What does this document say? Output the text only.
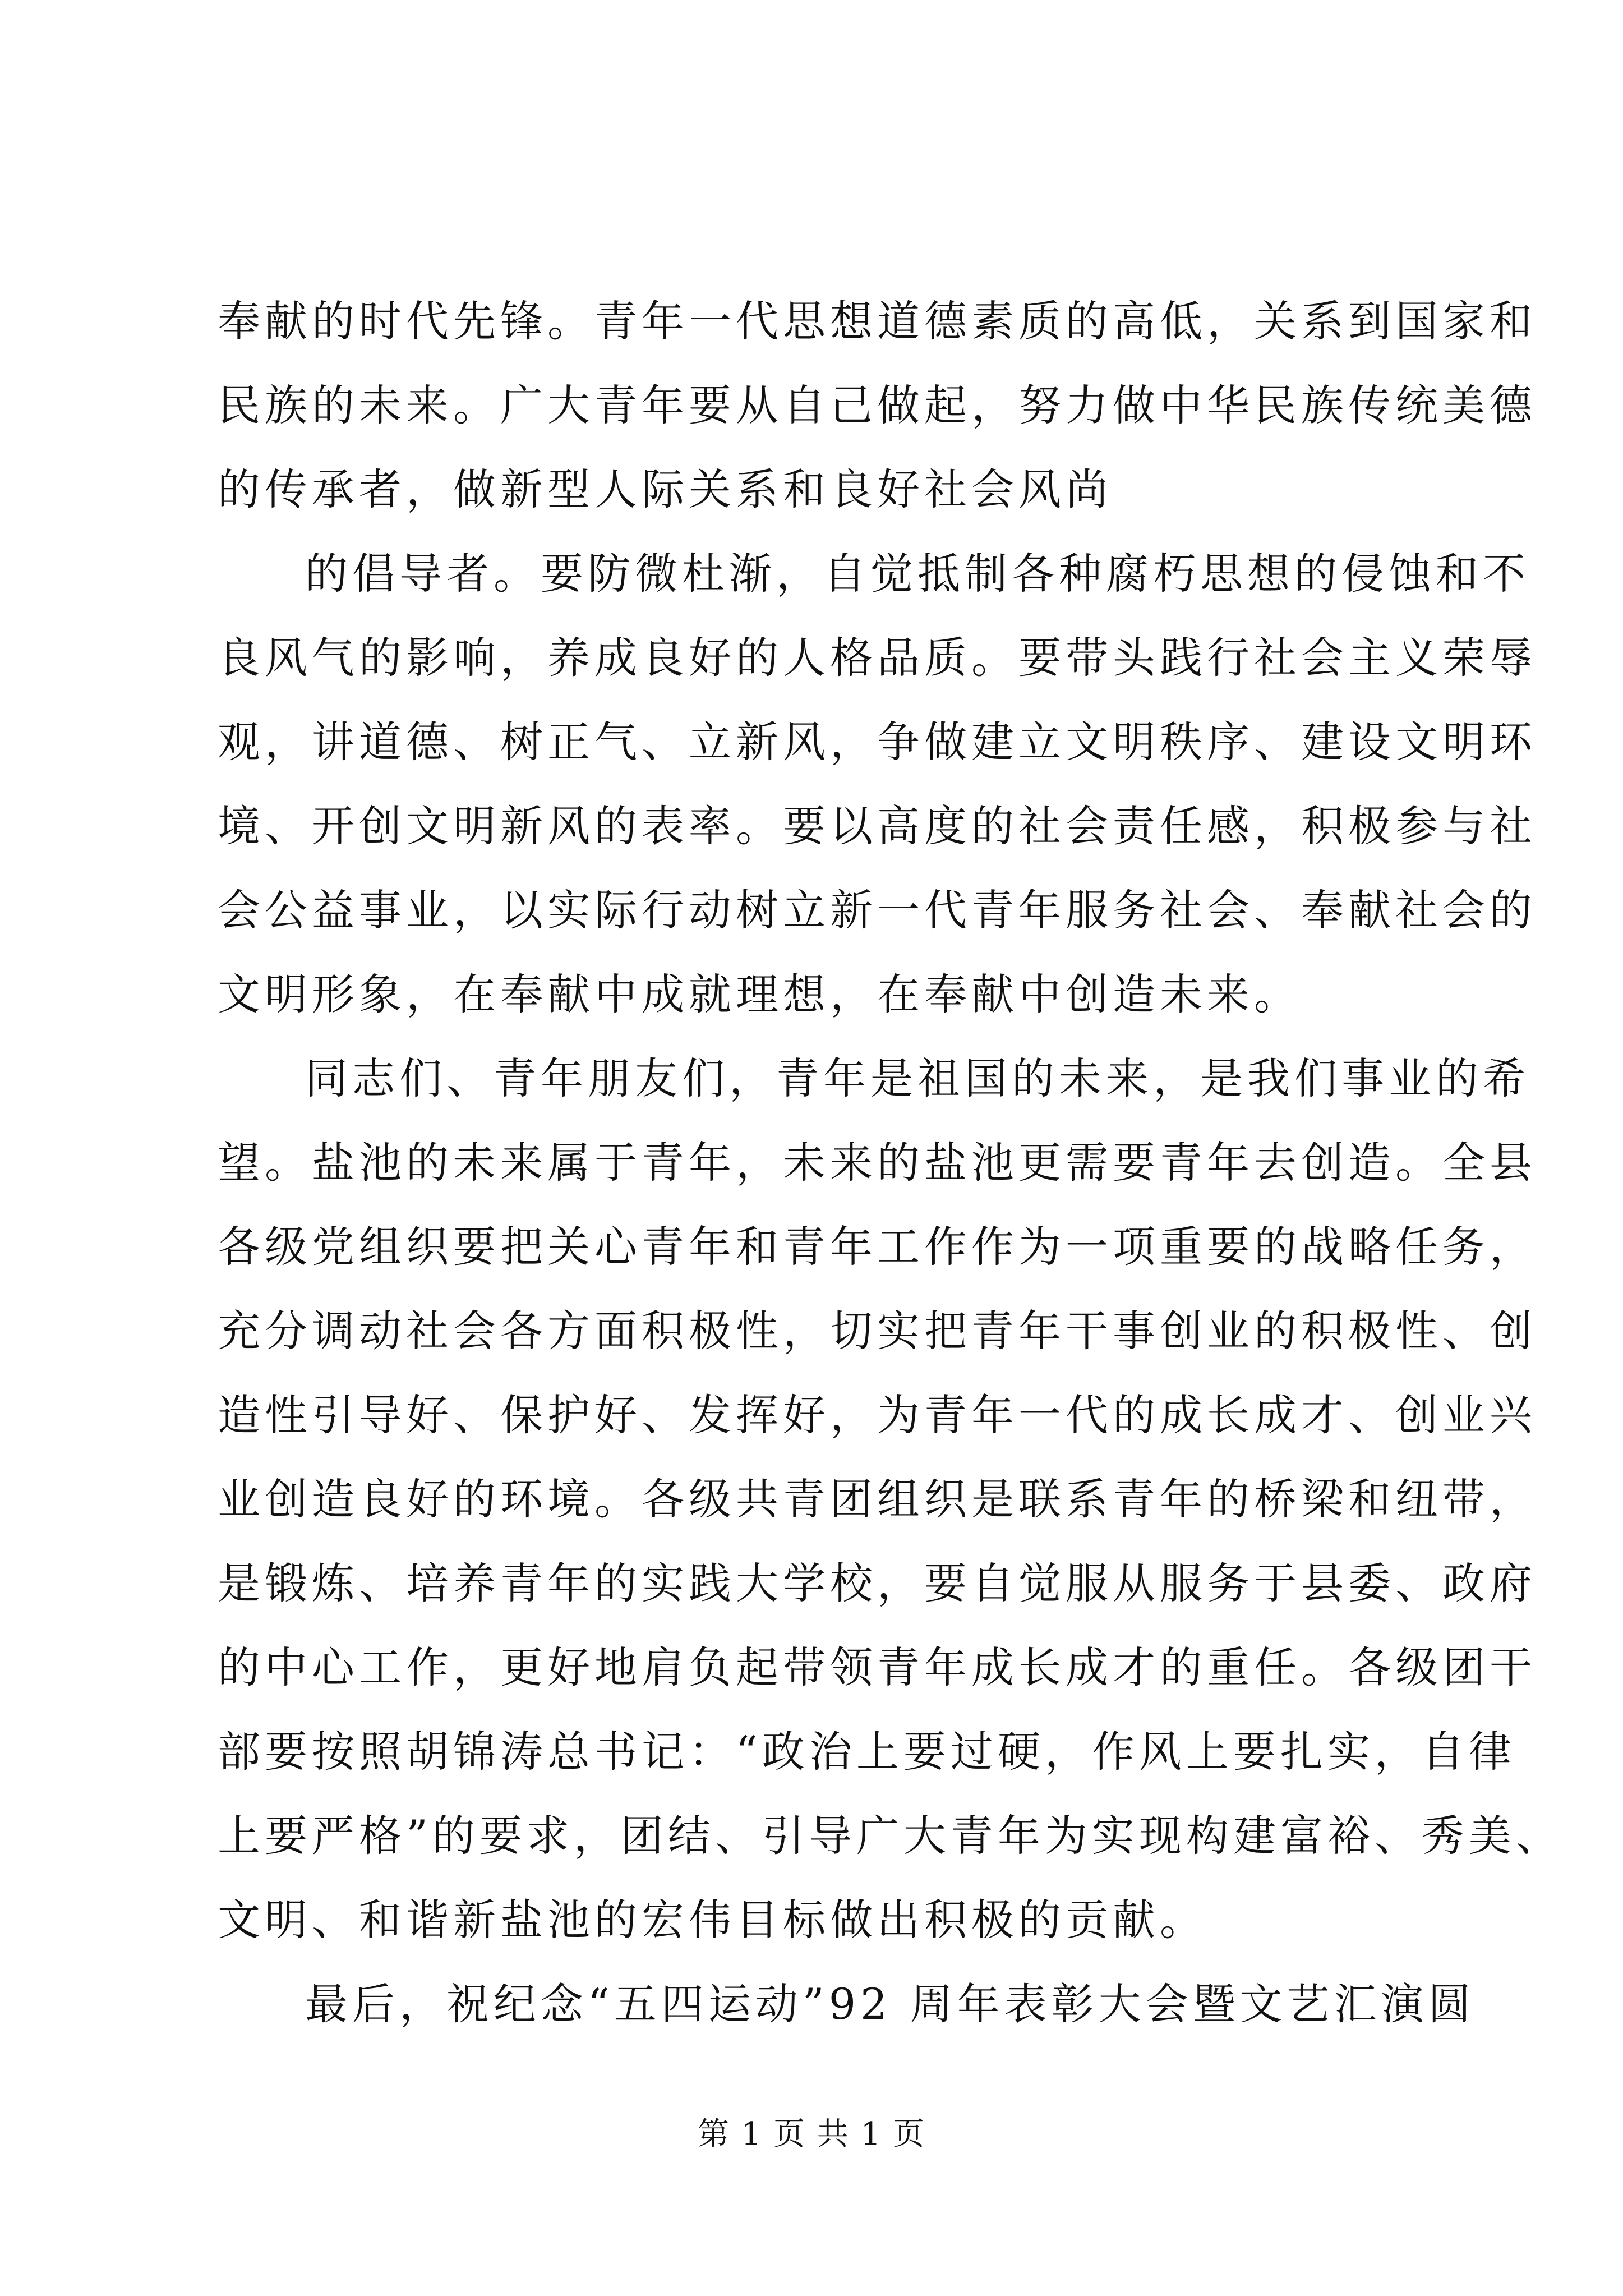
奉献的时代先锋。青年一代思想道德素质的高低，关系到国家和
民族的未来。广大青年要从自己做起，努力做中华民族传统美德
的传承者，做新型人际关系和良好社会风尚
的倡导者。要防微杜渐，自觉抵制各种腐朽思想的侵蚀和不
良风气的影响，养成良好的人格品质。要带头践行社会主义荣辱
观，讲道德、树正气、立新风，争做建立文明秩序、建设文明环
境、开创文明新风的表率。要以高度的社会责任感，积极参与社
会公益事业，以实际行动树立新一代青年服务社会、奉献社会的
文明形象，在奉献中成就理想，在奉献中创造未来。
同志们、青年朋友们，青年是祖国的未来，是我们事业的希
望。盐池的未来属于青年，未来的盐池更需要青年去创造。全县
各级党组织要把关心青年和青年工作作为一项重要的战略任务，
充分调动社会各方面积极性，切实把青年干事创业的积极性、创
造性引导好、保护好、发挥好，为青年一代的成长成才、创业兴
业创造良好的环境。各级共青团组织是联系青年的桥梁和纽带，
是锻炼、培养青年的实践大学校，要自觉服从服务于县委、政府
的中心工作，更好地肩负起带领青年成长成才的重任。各级团干
部要按照胡锦涛总书记：“政治上要过硬，作风上要扎实，自律
上要严格”的要求，团结、引导广大青年为实现构建富裕、秀美、
文明、和谐新盐池的宏伟目标做出积极的贡献。
最后，祝纪念“五四运动”92 周年表彰大会暨文艺汇演圆
第 1 页 共 1 页
